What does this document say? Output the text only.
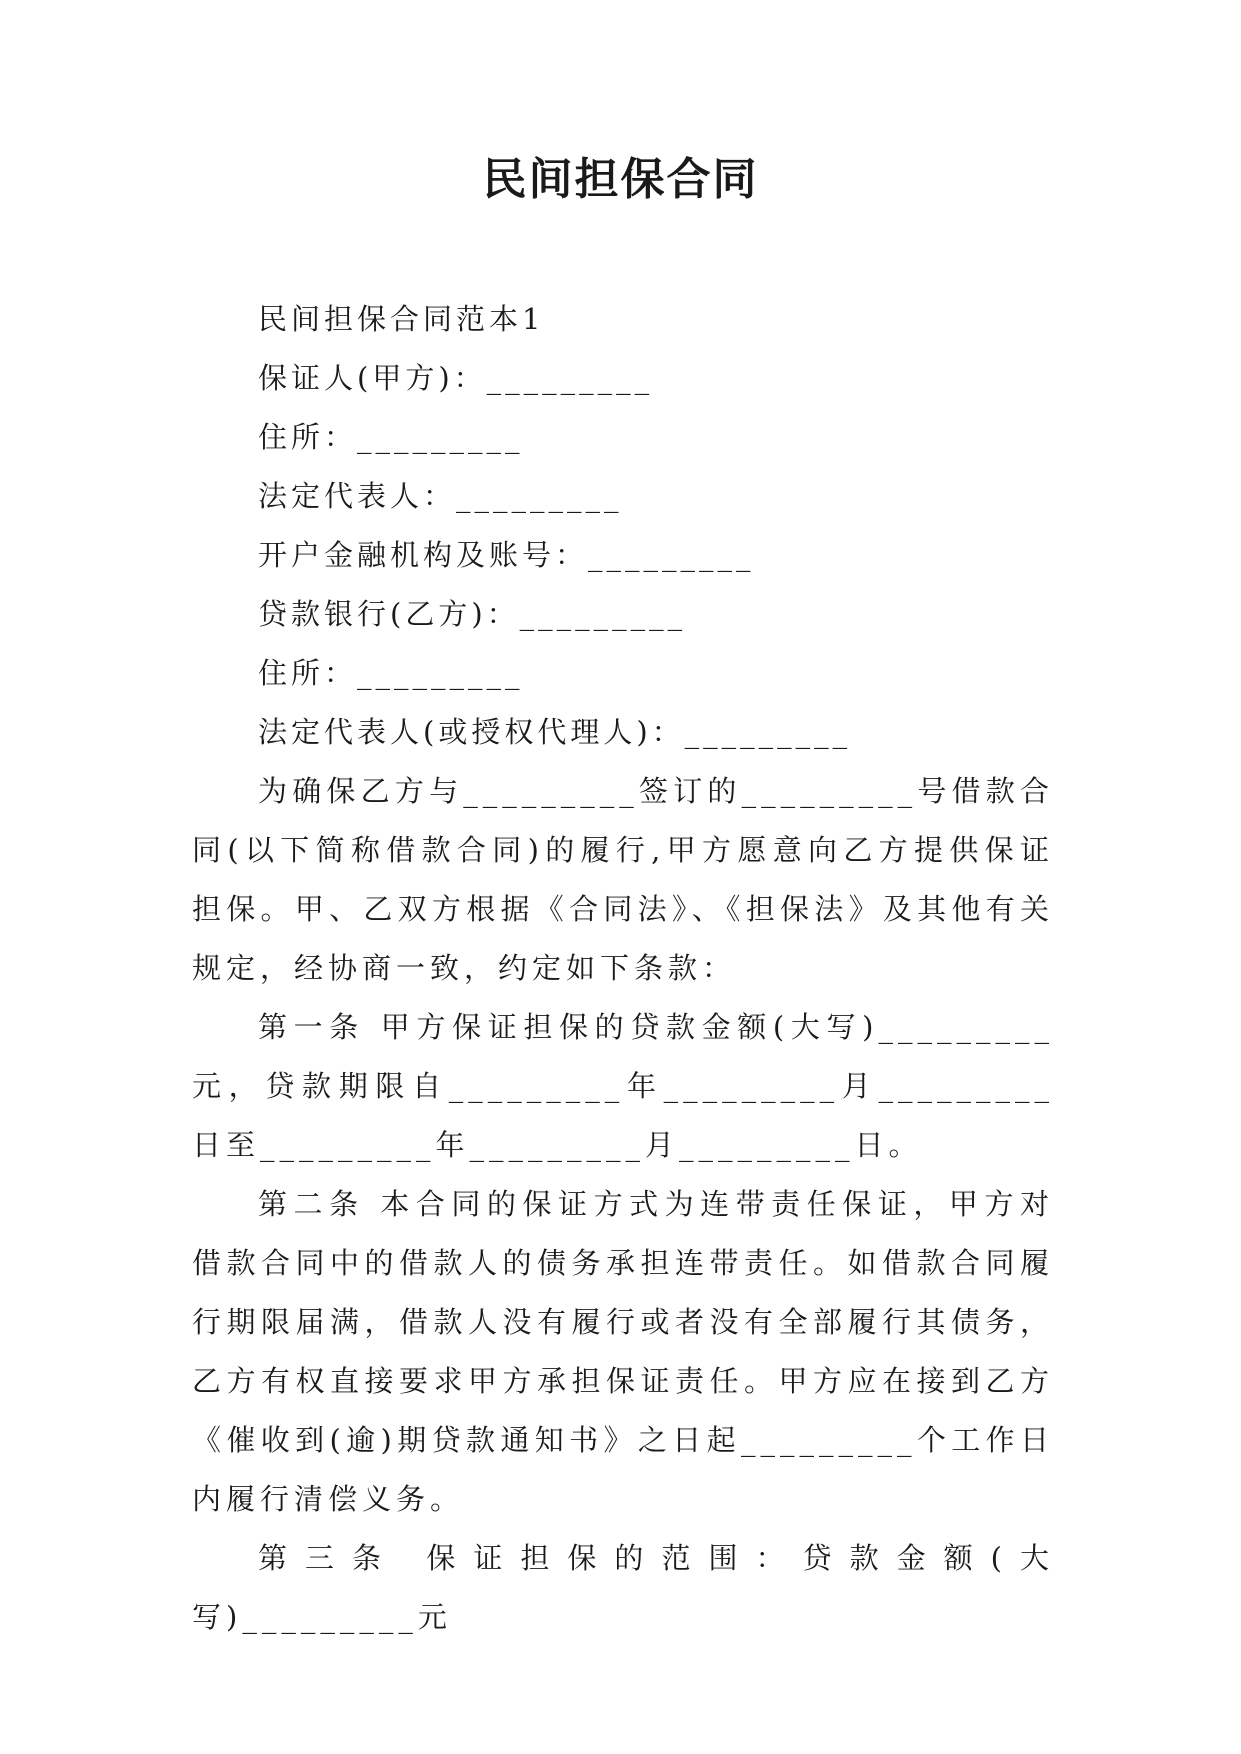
民间担保合同
民间担保合同范本1
保证人(甲方)：_________
住所：_________
法定代表人：_________
开户金融机构及账号：_________
贷款银行(乙方)：_________
住所：_________
法定代表人(或授权代理人)：_________

为确保乙方与_________签订的_________号借款合同(以下简称借款合同)的履行,甲方愿意向乙方提供保证担保。甲、乙双方根据《合同法》、《担保法》及其他有关规定，经协商一致，约定如下条款：

第一条 甲方保证担保的贷款金额(大写)_________元，贷款期限自_________年_________月_________日至_________年_________月_________日。

第二条 本合同的保证方式为连带责任保证，甲方对借款合同中的借款人的债务承担连带责任。如借款合同履行期限届满，借款人没有履行或者没有全部履行其债务， 乙方有权直接要求甲方承担保证责任。甲方应在接到乙方《催收到(逾)期贷款通知书》之日起_________个工作日内履行清偿义务。

第三条 保证担保的范围：贷款金额(大写)_________元
